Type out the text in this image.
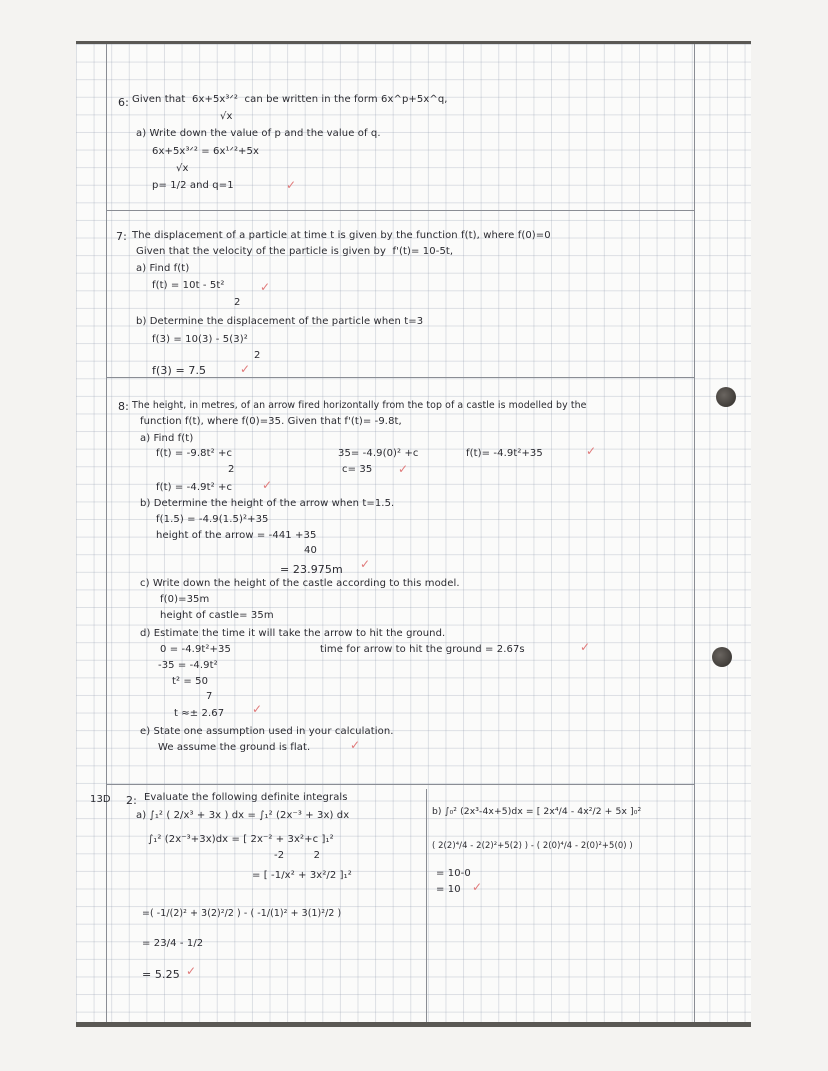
6: Given that  6x+5x³ᐟ²  can be written in the form 6x^p+5x^q,
√x
a) Write down the value of p and the value of q.
6x+5x³ᐟ² = 6x¹ᐟ²+5x
√x
p= 1/2 and q=1	✓
7: The displacement of a particle at time t is given by the function f(t), where f(0)=0
Given that the velocity of the particle is given by  f'(t)= 10-5t,
a) Find f(t)
f(t) = 10t - 5t²
2
✓
b) Determine the displacement of the particle when t=3
f(3) = 10(3) - 5(3)²
2
f(3) = 7.5	✓
8: The height, in metres, of an arrow fired horizontally from the top of a castle is modelled by the
function f(t), where f(0)=35. Given that f'(t)= -9.8t,
a) Find f(t)
f(t) = -9.8t² +c
2
35= -4.9(0)² +c
c= 35 ✓
f(t)= -4.9t²+35	✓
f(t) = -4.9t² +c ✓
b) Determine the height of the arrow when t=1.5.
f(1.5) = -4.9(1.5)²+35
height of the arrow = -441 +35
40
= 23.975m ✓
c) Write down the height of the castle according to this model.
f(0)=35m
height of castle= 35m
d) Estimate the time it will take the arrow to hit the ground.
0 = -4.9t²+35	time for arrow to hit the ground = 2.67s	✓
-35 = -4.9t²
t² = 50
7
t ≈± 2.67 ✓
e) State one assumption used in your calculation.
We assume the ground is flat.	✓
13D 2: Evaluate the following definite integrals
a) ∫₁² ( 2/x³ + 3x ) dx = ∫₁² (2x⁻³ + 3x) dx
∫₁² (2x⁻³+3x)dx = [ 2x⁻² + 3x²+c ]₁²
-2         2
= [ -1/x² + 3x²/2 ]₁²
=( -1/(2)² + 3(2)²/2 ) - ( -1/(1)² + 3(1)²/2 )
= 23/4 - 1/2
= 5.25 ✓
b) ∫₀² (2x³-4x+5)dx = [ 2x⁴/4 - 4x²/2 + 5x ]₀²
( 2(2)⁴/4 - 2(2)²+5(2) ) - ( 2(0)⁴/4 - 2(0)²+5(0) )
= 10-0
= 10 ✓
